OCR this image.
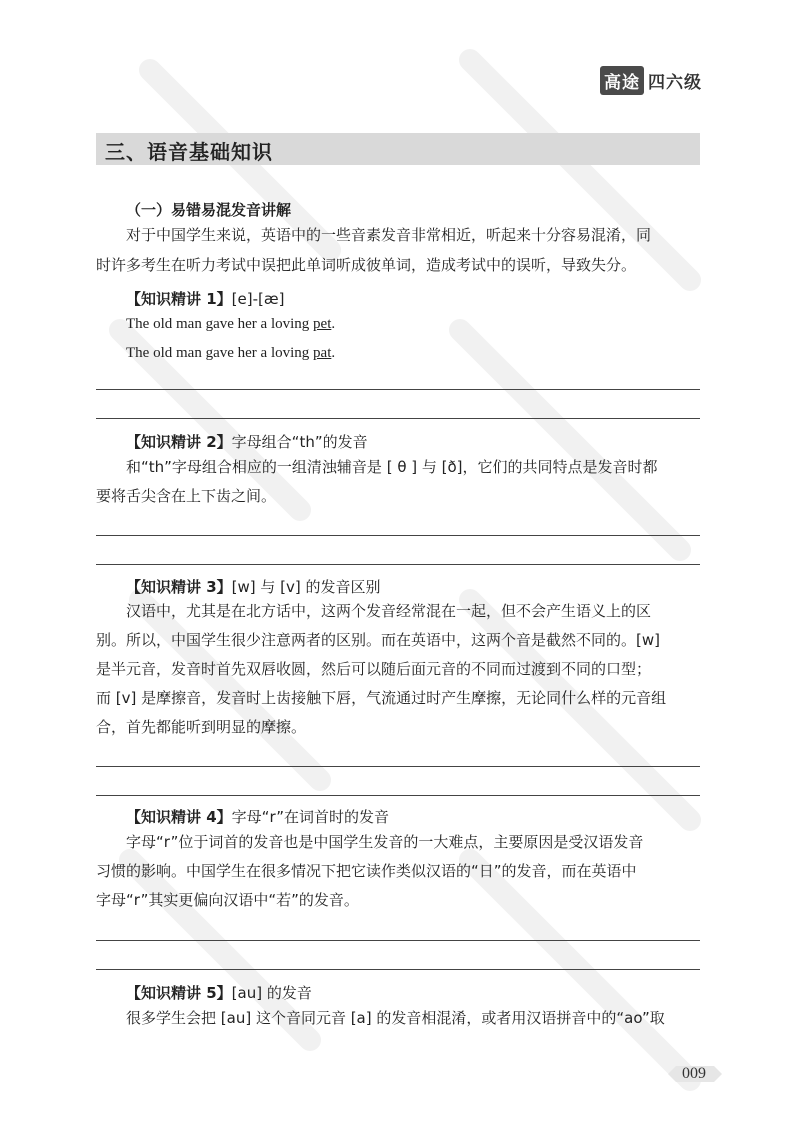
高途 四六级
三、语音基础知识
（一）易错易混发音讲解
对于中国学生来说，英语中的一些音素发音非常相近，听起来十分容易混淆，同
时许多考生在听力考试中误把此单词听成彼单词，造成考试中的误听，导致失分。
【知识精讲 1】[e]-[æ]
The old man gave her a loving pet.
The old man gave her a loving pat.
【知识精讲 2】字母组合“th”的发音
和“th”字母组合相应的一组清浊辅音是 [ θ ] 与 [ð]，它们的共同特点是发音时都
要将舌尖含在上下齿之间。
【知识精讲 3】[w] 与 [v] 的发音区别
汉语中，尤其是在北方话中，这两个发音经常混在一起，但不会产生语义上的区
别。所以，中国学生很少注意两者的区别。而在英语中，这两个音是截然不同的。[w]
是半元音，发音时首先双唇收圆，然后可以随后面元音的不同而过渡到不同的口型；
而 [v] 是摩擦音，发音时上齿接触下唇，气流通过时产生摩擦，无论同什么样的元音组
合，首先都能听到明显的摩擦。
【知识精讲 4】字母“r”在词首时的发音
字母“r”位于词首的发音也是中国学生发音的一大难点，主要原因是受汉语发音
习惯的影响。中国学生在很多情况下把它读作类似汉语的“日”的发音，而在英语中
字母“r”其实更偏向汉语中“若”的发音。
【知识精讲 5】[au] 的发音
很多学生会把 [au] 这个音同元音 [a] 的发音相混淆，或者用汉语拼音中的“ao”取
009
